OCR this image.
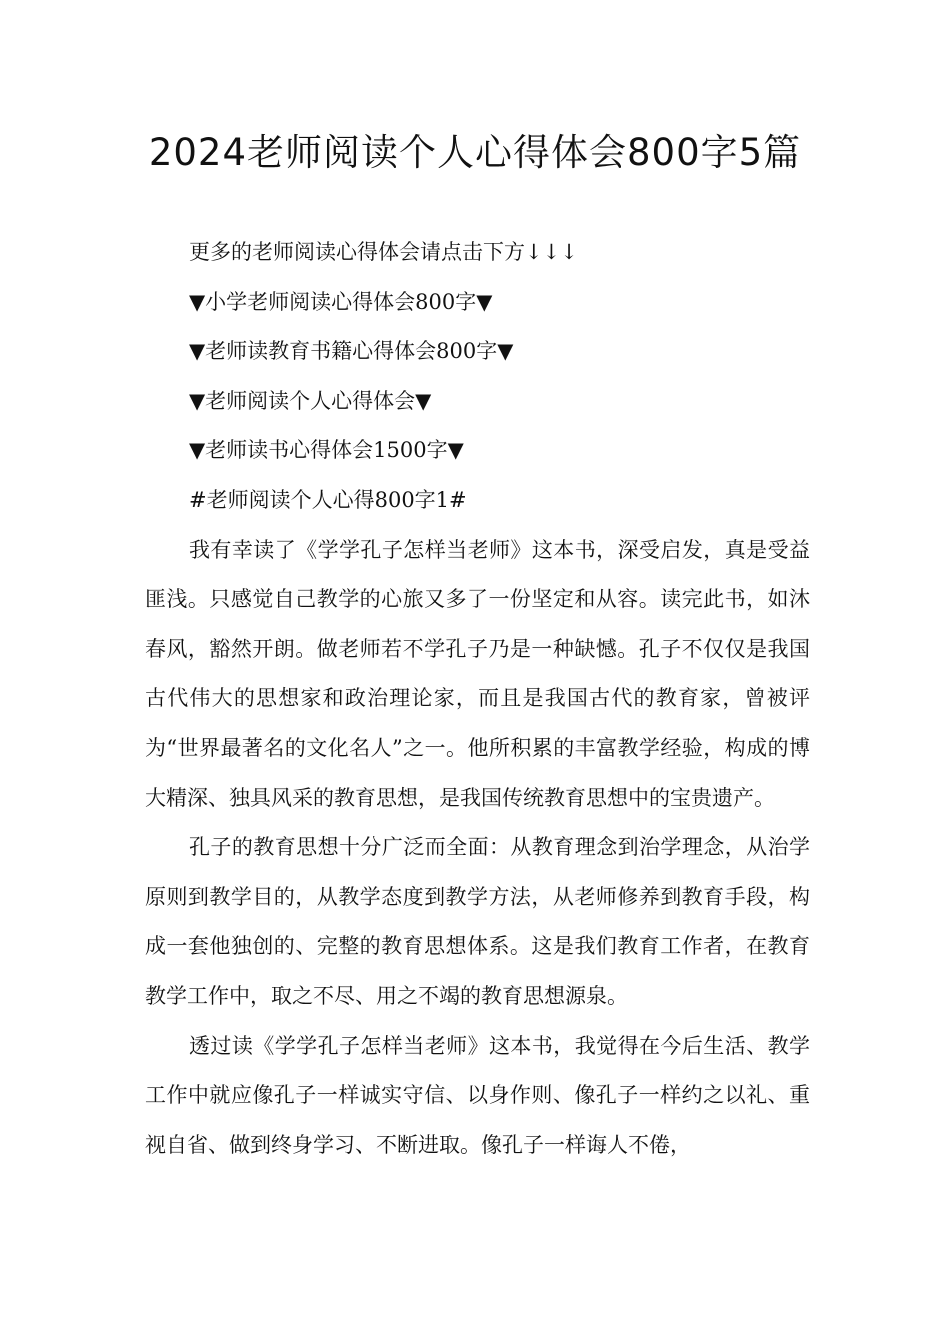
2024老师阅读个人心得体会800字5篇

更多的老师阅读心得体会请点击下方↓↓↓

▼小学老师阅读心得体会800字▼

▼老师读教育书籍心得体会800字▼

▼老师阅读个人心得体会▼

▼老师读书心得体会1500字▼

#老师阅读个人心得800字1#

我有幸读了《学学孔子怎样当老师》这本书，深受启发，真是受益匪浅。只感觉自己教学的心旅又多了一份坚定和从容。读完此书，如沐春风，豁然开朗。做老师若不学孔子乃是一种缺憾。孔子不仅仅是我国古代伟大的思想家和政治理论家，而且是我国古代的教育家，曾被评为“世界最著名的文化名人”之一。他所积累的丰富教学经验，构成的博大精深、独具风采的教育思想，是我国传统教育思想中的宝贵遗产。

孔子的教育思想十分广泛而全面：从教育理念到治学理念，从治学原则到教学目的，从教学态度到教学方法，从老师修养到教育手段，构成一套他独创的、完整的教育思想体系。这是我们教育工作者，在教育教学工作中，取之不尽、用之不竭的教育思想源泉。

透过读《学学孔子怎样当老师》这本书，我觉得在今后生活、教学工作中就应像孔子一样诚实守信、以身作则、像孔子一样约之以礼、重视自省、做到终身学习、不断进取。像孔子一样诲人不倦，
